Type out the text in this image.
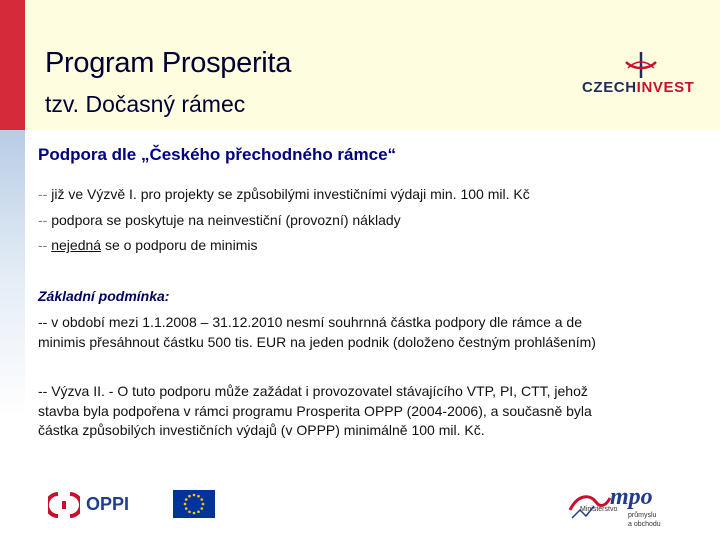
Program Prosperita
tzv. Dočasný rámec
CZECHINVEST
Podpora dle „Českého přechodného rámce“
-- již ve Výzvě I. pro projekty se způsobilými investičními výdaji min. 100 mil. Kč
-- podpora se poskytuje na neinvestiční (provozní) náklady
-- nejedná se o podporu de minimis
Základní podmínka:
-- v období mezi 1.1.2008 – 31.12.2010 nesmí souhrnná částka podpory dle rámce a de
minimis přesáhnout částku 500 tis. EUR na jeden podnik (doloženo čestným prohlášením)
-- Výzva II. - O tuto podporu může zažádat i provozovatel stávajícího VTP, PI, CTT, jehož
stavba byla podpořena v rámci programu Prosperita OPPP (2004-2006), a současně byla
částka způsobilých investičních výdajů (v OPPP) minimálně 100 mil. Kč.
OPPI	mpo
Ministerstvo
průmyslu
a obchodu
